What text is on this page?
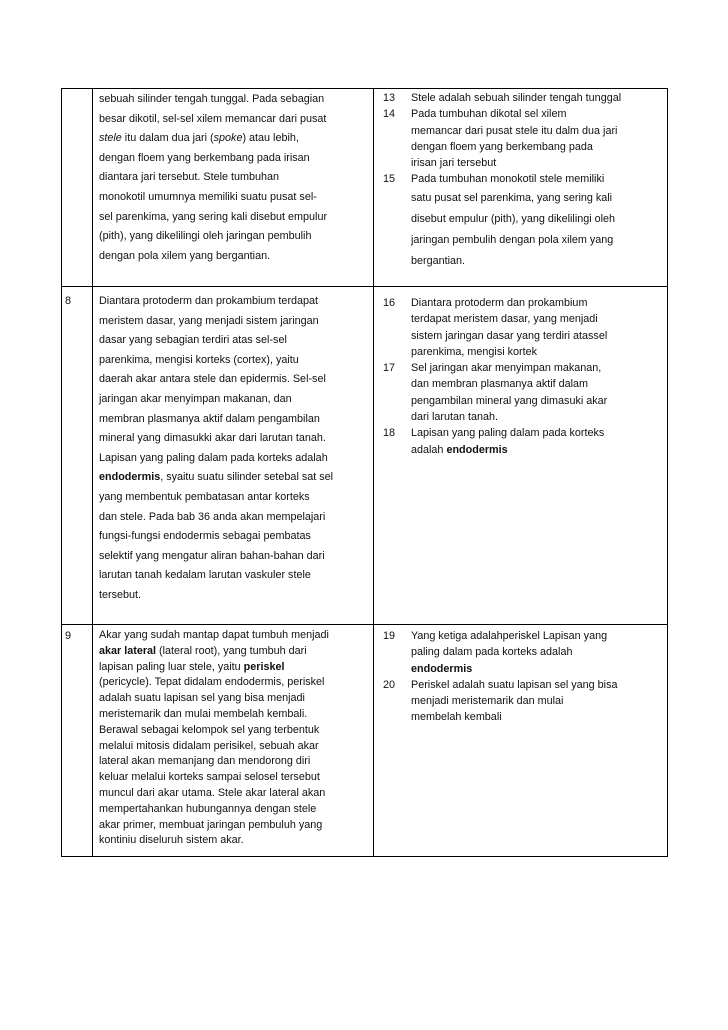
sebuah silinder tengah tunggal. Pada sebagian
besar dikotil, sel-sel xilem memancar dari pusat
stele itu dalam dua jari (spoke) atau lebih,
dengan floem yang berkembang pada irisan
diantara jari tersebut. Stele tumbuhan
monokotil umumnya memiliki suatu pusat sel-
sel parenkima, yang sering kali disebut empulur
(pith), yang dikelilingi oleh jaringan pembulih
dengan pola xilem yang bergantian.
13 Stele adalah sebuah silinder tengah tunggal
14 Pada tumbuhan dikotal sel xilem
memancar dari pusat stele itu dalm dua jari
dengan floem yang berkembang pada
irisan jari tersebut
15 Pada tumbuhan monokotil stele memiliki
satu pusat sel parenkima, yang sering kali
disebut empulur (pith), yang dikelilingi oleh
jaringan pembulih dengan pola xilem yang
bergantian.
8	Diantara protoderm dan prokambium terdapat
meristem dasar, yang menjadi sistem jaringan
dasar yang sebagian terdiri atas sel-sel
parenkima, mengisi korteks (cortex), yaitu
daerah akar antara stele dan epidermis. Sel-sel
jaringan akar menyimpan makanan, dan
membran plasmanya aktif dalam pengambilan
mineral yang dimasukki akar dari larutan tanah.
Lapisan yang paling dalam pada korteks adalah
endodermis, syaitu suatu silinder setebal sat sel
yang membentuk pembatasan antar korteks
dan stele. Pada bab 36 anda akan mempelajari
fungsi-fungsi endodermis sebagai pembatas
selektif yang mengatur aliran bahan-bahan dari
larutan tanah kedalam larutan vaskuler stele
tersebut.
16 Diantara protoderm dan prokambium
terdapat meristem dasar, yang menjadi
sistem jaringan dasar yang terdiri atassel
parenkima, mengisi kortek
17 Sel jaringan akar menyimpan makanan,
dan membran plasmanya aktif dalam
pengambilan mineral yang dimasuki akar
dari larutan tanah.
18 Lapisan yang paling dalam pada korteks
adalah endodermis
9	Akar yang sudah mantap dapat tumbuh menjadi
akar lateral (lateral root), yang tumbuh dari
lapisan paling luar stele, yaitu periskel
(pericycle). Tepat didalam endodermis, periskel
adalah suatu lapisan sel yang bisa menjadi
meristemarik dan mulai membelah kembali.
Berawal sebagai kelompok sel yang terbentuk
melalui mitosis didalam perisikel, sebuah akar
lateral akan memanjang dan mendorong diri
keluar melalui korteks sampai selosel tersebut
muncul dari akar utama. Stele akar lateral akan
mempertahankan hubungannya dengan stele
akar primer, membuat jaringan pembuluh yang
kontiniu diseluruh sistem akar.
19 Yang ketiga adalahperiskel Lapisan yang
paling dalam pada korteks adalah
endodermis
20 Periskel adalah suatu lapisan sel yang bisa
menjadi meristemarik dan mulai
membelah kembali
